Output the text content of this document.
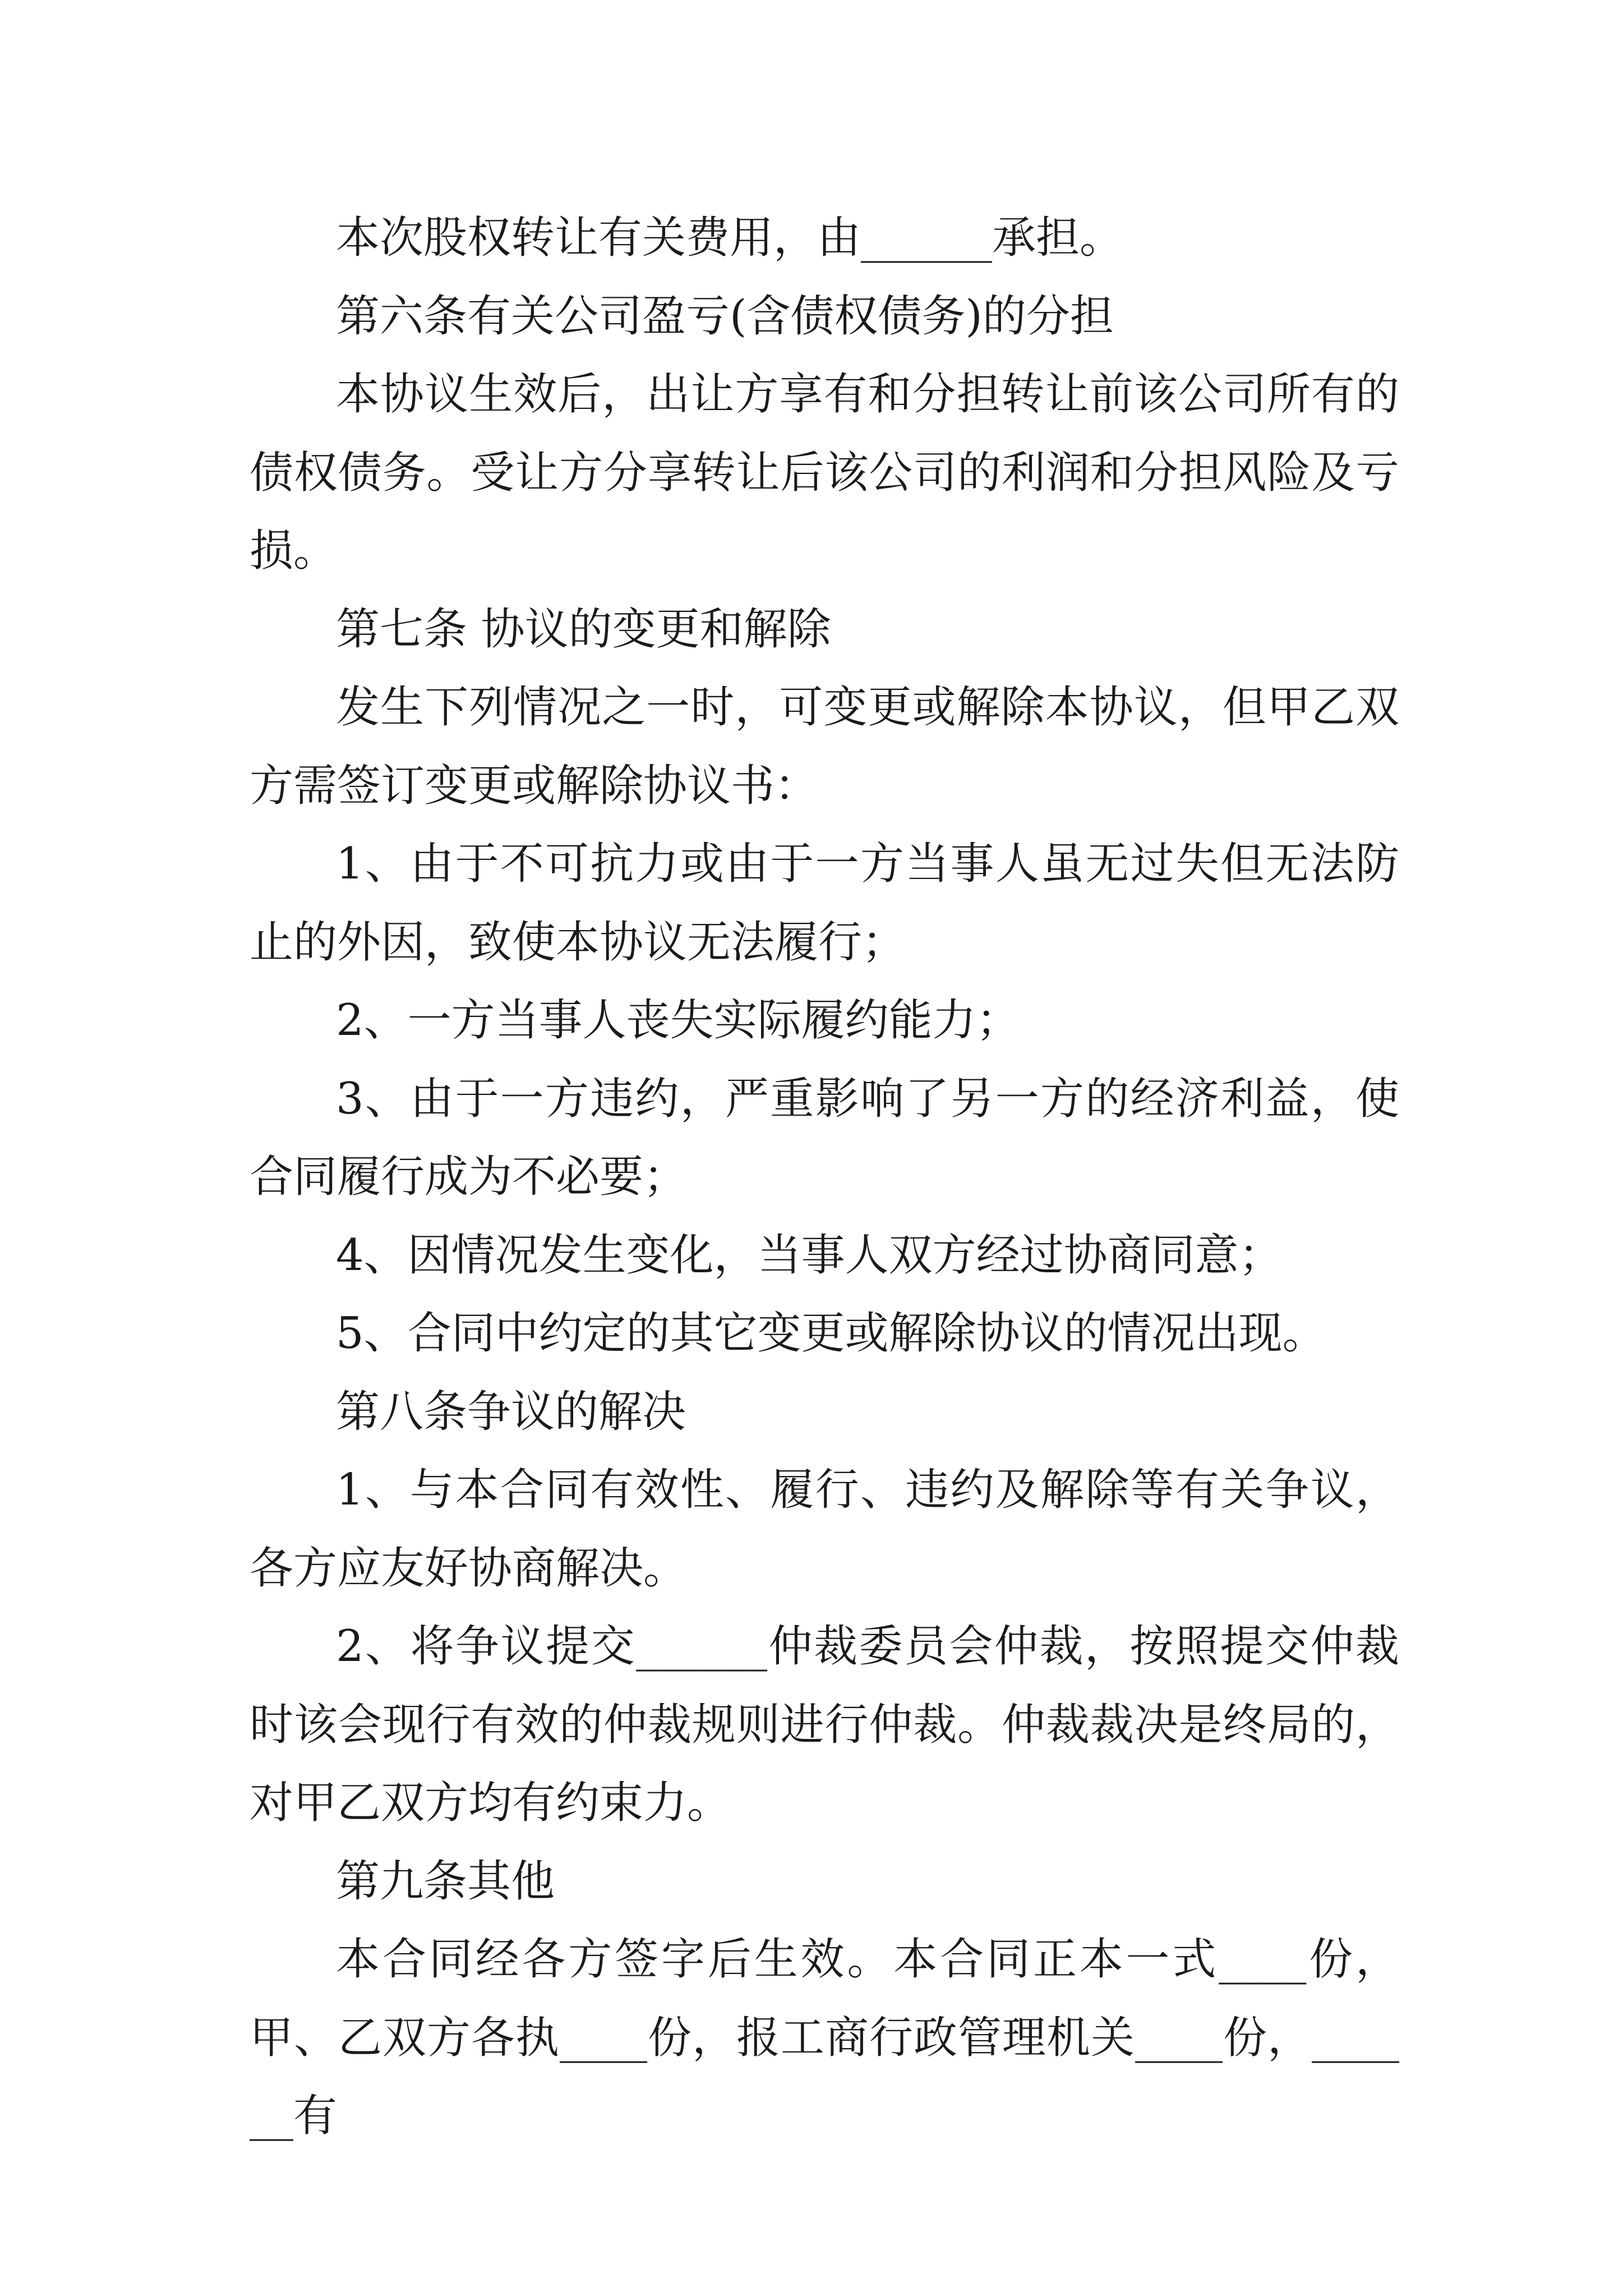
本次股权转让有关费用，由______承担。

第六条有关公司盈亏(含债权债务)的分担

本协议生效后，出让方享有和分担转让前该公司所有的债权债务。受让方分享转让后该公司的利润和分担风险及亏损。

第七条 协议的变更和解除

发生下列情况之一时，可变更或解除本协议，但甲乙双方需签订变更或解除协议书：

1、由于不可抗力或由于一方当事人虽无过失但无法防止的外因，致使本协议无法履行；

2、一方当事人丧失实际履约能力；

3、由于一方违约，严重影响了另一方的经济利益，使合同履行成为不必要；

4、因情况发生变化，当事人双方经过协商同意；

5、合同中约定的其它变更或解除协议的情况出现。

第八条争议的解决

1、与本合同有效性、履行、违约及解除等有关争议，各方应友好协商解决。

2、将争议提交______仲裁委员会仲裁，按照提交仲裁时该会现行有效的仲裁规则进行仲裁。仲裁裁决是终局的，对甲乙双方均有约束力。

第九条其他

本合同经各方签字后生效。本合同正本一式____份，甲、乙双方各执____份，报工商行政管理机关____份，______有
